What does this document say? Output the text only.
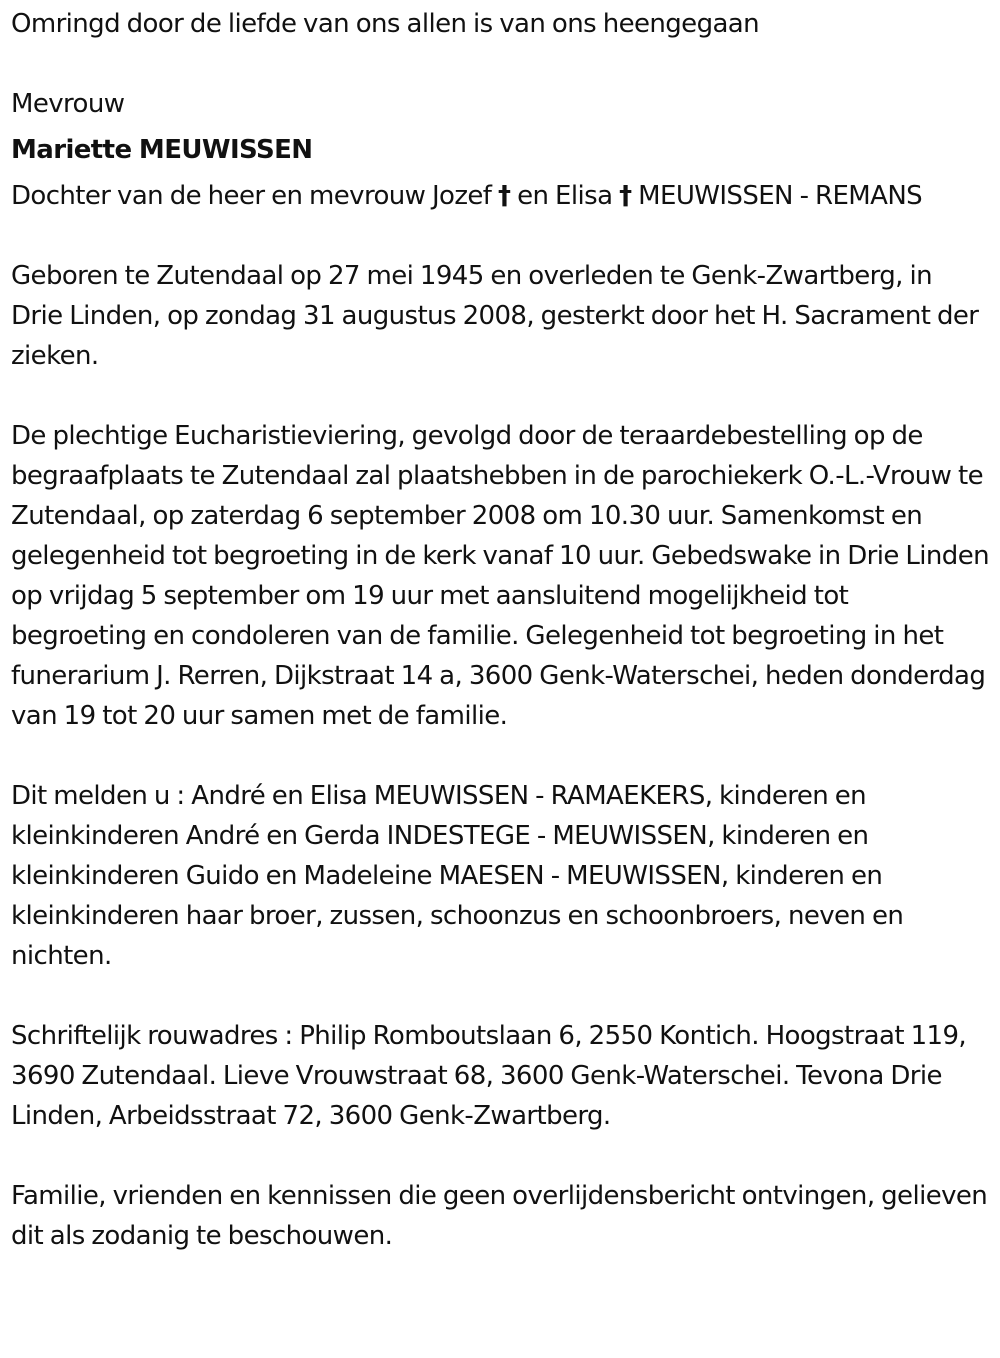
Omringd door de liefde van ons allen is van ons heengegaan

Mevrouw

Mariette MEUWISSEN

Dochter van de heer en mevrouw Jozef † en Elisa † MEUWISSEN - REMANS

Geboren te Zutendaal op 27 mei 1945 en overleden te Genk-Zwartberg, in Drie Linden, op zondag 31 augustus 2008, gesterkt door het H. Sacrament der zieken.

De plechtige Eucharistieviering, gevolgd door de teraardebestelling op de begraafplaats te Zutendaal zal plaatshebben in de parochiekerk O.-L.-Vrouw te Zutendaal, op zaterdag 6 september 2008 om 10.30 uur. Samenkomst en gelegenheid tot begroeting in de kerk vanaf 10 uur. Gebedswake in Drie Linden op vrijdag 5 september om 19 uur met aansluitend mogelijkheid tot begroeting en condoleren van de familie. Gelegenheid tot begroeting in het funerarium J. Rerren, Dijkstraat 14 a, 3600 Genk-Waterschei, heden donderdag van 19 tot 20 uur samen met de familie.

Dit melden u : André en Elisa MEUWISSEN - RAMAEKERS, kinderen en kleinkinderen André en Gerda INDESTEGE - MEUWISSEN, kinderen en kleinkinderen Guido en Madeleine MAESEN - MEUWISSEN, kinderen en kleinkinderen haar broer, zussen, schoonzus en schoonbroers, neven en nichten.

Schriftelijk rouwadres : Philip Romboutslaan 6, 2550 Kontich. Hoogstraat 119, 3690 Zutendaal. Lieve Vrouwstraat 68, 3600 Genk-Waterschei. Tevona Drie Linden, Arbeidsstraat 72, 3600 Genk-Zwartberg.

Familie, vrienden en kennissen die geen overlijdensbericht ontvingen, gelieven dit als zodanig te beschouwen.
